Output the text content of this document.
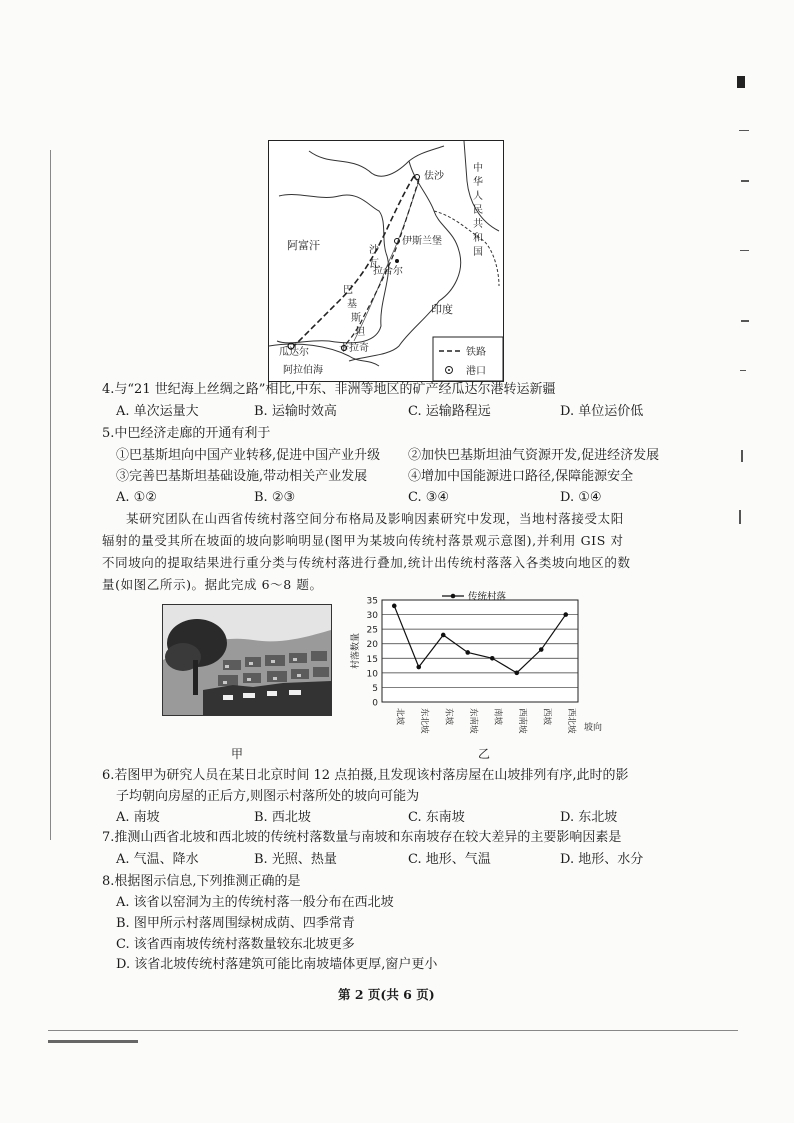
佉沙
阿富汗	伊斯兰堡
拉合尔
印度
瓜达尔	卡拉奇
阿拉伯海
沙
瓦
中
华
人
民
共
和
国
巴
基
斯
坦
铁路
港口
4.与“21 世纪海上丝绸之路”相比,中东、非洲等地区的矿产经瓜达尔港转运新疆
A. 单次运量大	B. 运输时效高	C. 运输路程远	D. 单位运价低
5.中巴经济走廊的开通有利于
①巴基斯坦向中国产业转移,促进中国产业升级 ②加快巴基斯坦油气资源开发,促进经济发展
③完善巴基斯坦基础设施,带动相关产业发展	④增加中国能源进口路径,保障能源安全
A. ①②	B. ②③	C. ③④	D. ①④
某研究团队在山西省传统村落空间分布格局及影响因素研究中发现，当地村落接受太阳
辐射的量受其所在坡面的坡向影响明显(图甲为某坡向传统村落景观示意图),并利用 GIS 对
不同坡向的提取结果进行重分类与传统村落进行叠加,统计出传统村落落入各类坡向地区的数
量(如图乙所示)。据此完成 6～8 题。
甲
0
5
10
15
20
25
30
35
村落数量
北坡 东北坡 东坡 东南坡 南坡 西南坡 西坡 西北坡 坡向
传统村落
6.若图甲为研究人员在某日北京时间 12 点拍摄,且发现该村落房屋在山坡排列有序,此时的影
子均朝向房屋的正后方,则图示村落所处的坡向可能为
A. 南坡	B. 西北坡	C. 东南坡	D. 东北坡
7.推测山西省北坡和西北坡的传统村落数量与南坡和东南坡存在较大差异的主要影响因素是
A. 气温、降水	B. 光照、热量	C. 地形、气温	D. 地形、水分
8.根据图示信息,下列推测正确的是
A. 该省以窑洞为主的传统村落一般分布在西北坡
B. 图甲所示村落周围绿树成荫、四季常青
C. 该省西南坡传统村落数量较东北坡更多
D. 该省北坡传统村落建筑可能比南坡墙体更厚,窗户更小
第 2 页(共 6 页)
乙
